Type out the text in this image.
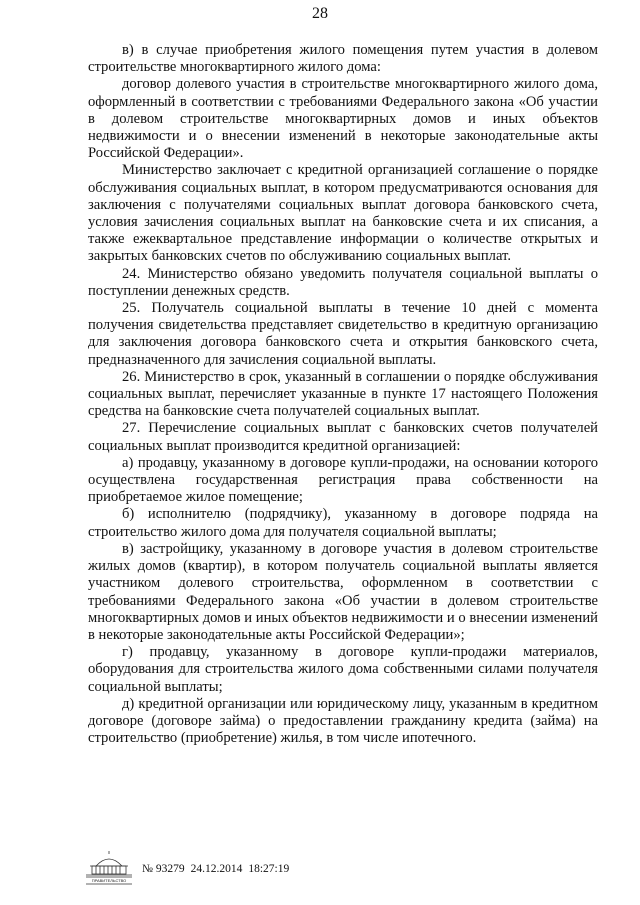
28

в) в случае приобретения жилого помещения путем участия в долевом строительстве многоквартирного жилого дома:

договор долевого участия в строительстве многоквартирного жилого дома, оформленный в соответствии с требованиями Федерального закона «Об участии в долевом строительстве многоквартирных домов и иных объектов недвижимости и о внесении изменений в некоторые законодательные акты Российской Федерации».

Министерство заключает с кредитной организацией соглашение о порядке обслуживания социальных выплат, в котором предусматриваются основания для заключения с получателями социальных выплат договора банковского счета, условия зачисления социальных выплат на банковские счета и их списания, а также ежеквартальное представление информации о количестве открытых и закрытых банковских счетов по обслуживанию социальных выплат.

24. Министерство обязано уведомить получателя социальной выплаты о поступлении денежных средств.

25. Получатель социальной выплаты в течение 10 дней с момента получения свидетельства представляет свидетельство в кредитную организацию для заключения договора банковского счета и открытия банковского счета, предназначенного для зачисления социальной выплаты.

26. Министерство в срок, указанный в соглашении о порядке обслуживания социальных выплат, перечисляет указанные в пункте 17 настоящего Положения средства на банковские счета получателей социальных выплат.

27. Перечисление социальных выплат с банковских счетов получателей социальных выплат производится кредитной организацией:

а) продавцу, указанному в договоре купли-продажи, на основании которого осуществлена государственная регистрация права собственности на приобретаемое жилое помещение;

б) исполнителю (подрядчику), указанному в договоре подряда на строительство жилого дома для получателя социальной выплаты;

в) застройщику, указанному в договоре участия в долевом строительстве жилых домов (квартир), в котором получатель социальной выплаты является участником долевого строительства, оформленном в соответствии с требованиями Федерального закона «Об участии в долевом строительстве многоквартирных домов и иных объектов недвижимости и о внесении изменений в некоторые законодательные акты Российской Федерации»;

г) продавцу, указанному в договоре купли-продажи материалов, оборудования для строительства жилого дома собственными силами получателя социальной выплаты;

д) кредитной организации или юридическому лицу, указанным в кредитном договоре (договоре займа) о предоставлении гражданину кредита (займа) на строительство (приобретение) жилья, в том числе ипотечного.

ПРАВИТЕЛЬСТВО
№ 93279 24.12.2014 18:27:19
